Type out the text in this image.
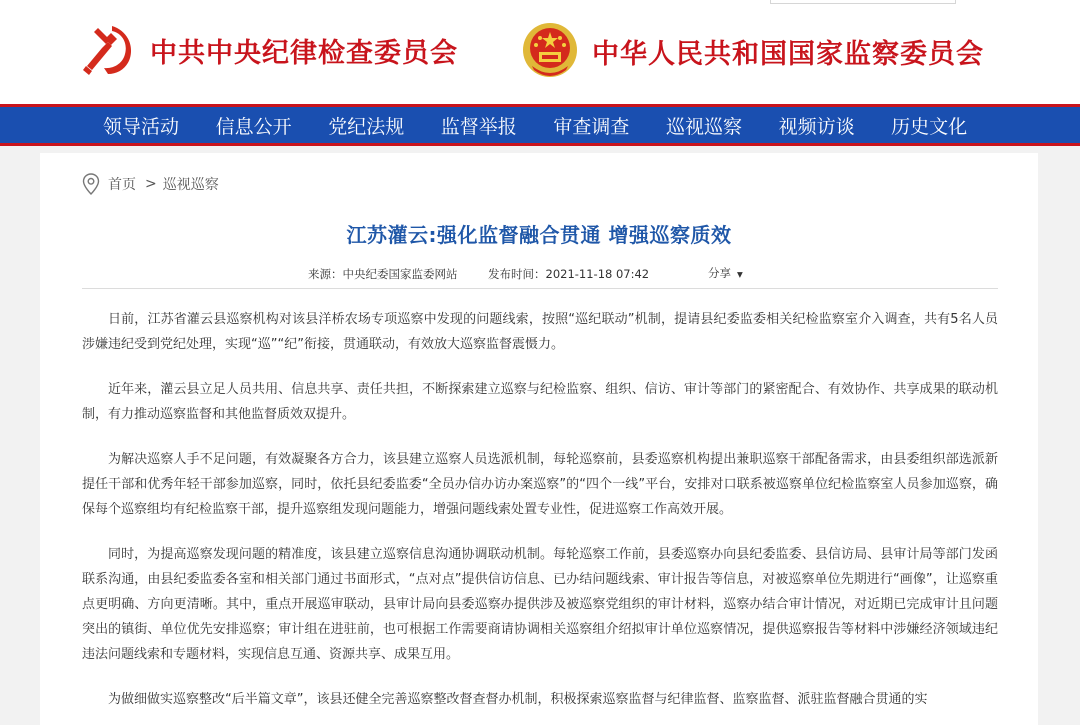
中共中央纪律检查委员会	中华人民共和国国家监察委员会
领导活动	信息公开	党纪法规	监督举报	审查调查	巡视巡察	视频访谈	历史文化
首页 > 巡视巡察
江苏灌云:强化监督融合贯通 增强巡察质效
来源：中央纪委国家监委网站	发布时间：2021-11-18 07:42	分享 ▾

日前，江苏省灌云县巡察机构对该县洋桥农场专项巡察中发现的问题线索，按照“巡纪联动”机制，提请县纪委监委相关纪检监察室介入调查，共有5名人员涉嫌违纪受到党纪处理，实现“巡”“纪”衔接，贯通联动，有效放大巡察监督震慑力。

近年来，灌云县立足人员共用、信息共享、责任共担，不断探索建立巡察与纪检监察、组织、信访、审计等部门的紧密配合、有效协作、共享成果的联动机制，有力推动巡察监督和其他监督质效双提升。

为解决巡察人手不足问题，有效凝聚各方合力，该县建立巡察人员选派机制，每轮巡察前，县委巡察机构提出兼职巡察干部配备需求，由县委组织部选派新提任干部和优秀年轻干部参加巡察，同时，依托县纪委监委“全员办信办访办案巡察”的“四个一线”平台，安排对口联系被巡察单位纪检监察室人员参加巡察，确保每个巡察组均有纪检监察干部，提升巡察组发现问题能力，增强问题线索处置专业性，促进巡察工作高效开展。

同时，为提高巡察发现问题的精准度，该县建立巡察信息沟通协调联动机制。每轮巡察工作前，县委巡察办向县纪委监委、县信访局、县审计局等部门发函联系沟通，由县纪委监委各室和相关部门通过书面形式，“点对点”提供信访信息、已办结问题线索、审计报告等信息，对被巡察单位先期进行“画像”，让巡察重点更明确、方向更清晰。其中，重点开展巡审联动，县审计局向县委巡察办提供涉及被巡察党组织的审计材料，巡察办结合审计情况，对近期已完成审计且问题突出的镇街、单位优先安排巡察；审计组在进驻前，也可根据工作需要商请协调相关巡察组介绍拟审计单位巡察情况，提供巡察报告等材料中涉嫌经济领域违纪违法问题线索和专题材料，实现信息互通、资源共享、成果互用。

为做细做实巡察整改“后半篇文章”，该县还健全完善巡察整改督查督办机制，积极探索巡察监督与纪律监督、监察监督、派驻监督融合贯通的实
